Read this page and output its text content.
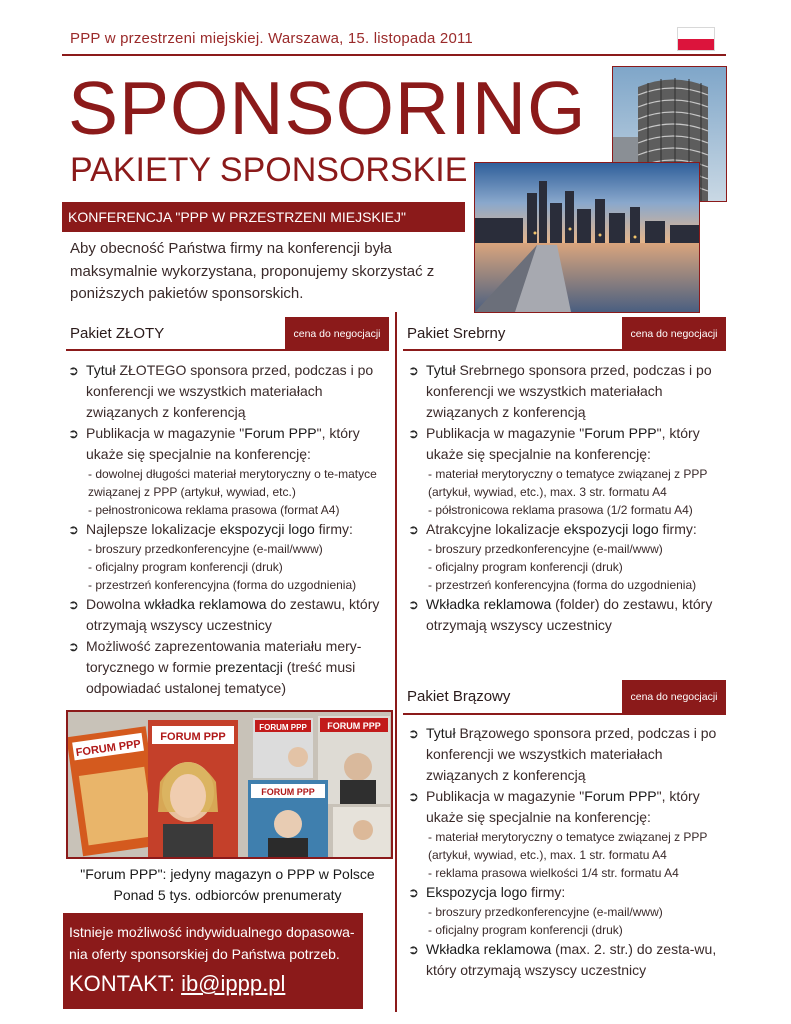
PPP w przestrzeni miejskiej. Warszawa, 15. listopada 2011
SPONSORING
PAKIETY SPONSORSKIE
KONFERENCJA "PPP W PRZESTRZENI MIEJSKIEJ"
Aby obecność Państwa firmy na konferencji była maksymalnie wykorzystana, proponujemy skorzystać z poniższych pakietów sponsorskich.
Pakiet ZŁOTY	cena do negocjacji
➲ Tytuł ZŁOTEGO sponsora przed, podczas i po konferencji we wszystkich materiałach związanych z konferencją
➲ Publikacja w magazynie "Forum PPP", który ukaże się specjalnie na konferencję:
- dowolnej długości materiał merytoryczny o te-matyce związanej z PPP (artykuł, wywiad, etc.)
- pełnostronicowa reklama prasowa (format A4)
➲ Najlepsze lokalizacje ekspozycji logo firmy:
- broszury przedkonferencyjne (e-mail/www)
- oficjalny program konferencji (druk)
- przestrzeń konferencyjna (forma do uzgodnienia)
➲ Dowolna wkładka reklamowa do zestawu, który otrzymają wszyscy uczestnicy
➲ Możliwość zaprezentowania materiału mery-torycznego w formie prezentacji (treść musi odpowiadać ustalonej tematyce)
Pakiet Srebrny	cena do negocjacji
➲ Tytuł Srebrnego sponsora przed, podczas i po konferencji we wszystkich materiałach związanych z konferencją
➲ Publikacja w magazynie "Forum PPP", który ukaże się specjalnie na konferencję:
- materiał merytoryczny o tematyce związanej z PPP (artykuł, wywiad, etc.), max. 3 str. formatu A4
- półstronicowa reklama prasowa (1/2 formatu A4)
➲ Atrakcyjne lokalizacje ekspozycji logo firmy:
- broszury przedkonferencyjne (e-mail/www)
- oficjalny program konferencji (druk)
- przestrzeń konferencyjna (forma do uzgodnienia)
➲ Wkładka reklamowa (folder) do zestawu, który otrzymają wszyscy uczestnicy
Pakiet Brązowy	cena do negocjacji
➲ Tytuł Brązowego sponsora przed, podczas i po konferencji we wszystkich materiałach związanych z konferencją
➲ Publikacja w magazynie "Forum PPP", który ukaże się specjalnie na konferencję:
- materiał merytoryczny o tematyce związanej z PPP (artykuł, wywiad, etc.), max. 1 str. formatu A4
- reklama prasowa wielkości 1/4 str. formatu A4
➲ Ekspozycja logo firmy:
- broszury przedkonferencyjne (e-mail/www)
- oficjalny program konferencji (druk)
➲ Wkładka reklamowa (max. 2. str.) do zesta-wu, który otrzymają wszyscy uczestnicy
FORUM PPP
FORUM PPP
FORUM PPP FORUM PPP
FORUM PPP
"Forum PPP": jedyny magazyn o PPP w Polsce
Ponad 5 tys. odbiorców prenumeraty
Istnieje możliwość indywidualnego dopasowa-nia oferty sponsorskiej do Państwa potrzeb.
KONTAKT: ib@ippp.pl
